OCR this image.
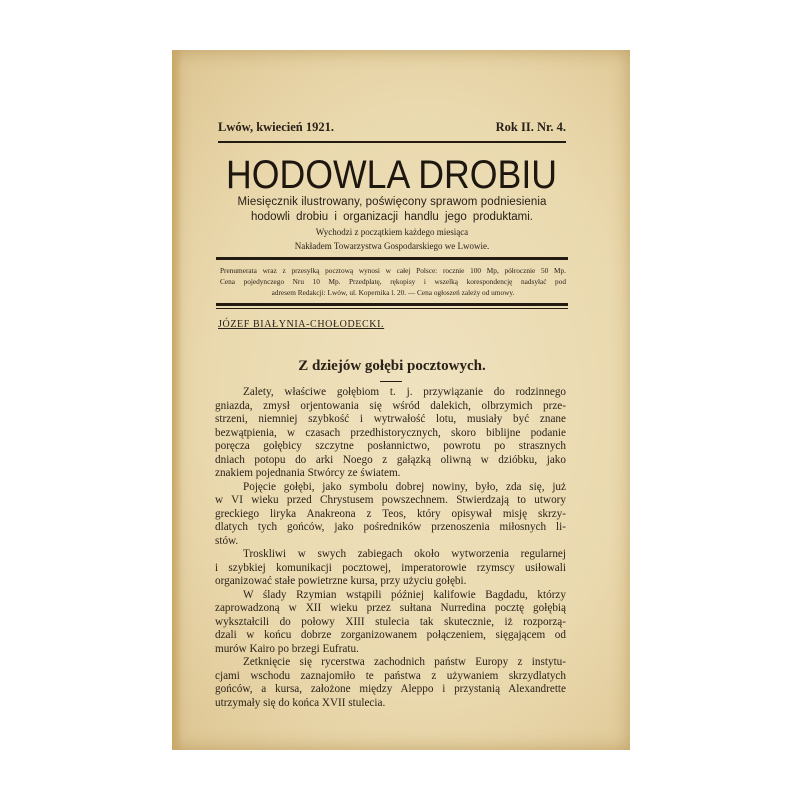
Lwów, kwiecień 1921.	Rok II. Nr. 4.
HODOWLA DROBIU
Miesięcznik ilustrowany, poświęcony sprawom podniesienia
hodowli drobiu i organizacji handlu jego produktami.
Wychodzi z początkiem każdego miesiąca
Nakładem Towarzystwa Gospodarskiego we Lwowie.
Prenumerata wraz z przesyłką pocztową wynosi w całej Polsce: rocznie 100 Mp, półrocznie 50 Mp.
Cena pojedynczego Nru 10 Mp. Przedpłatę, rękopisy i wszelką korespondencję nadsyłać pod
adresem Redakcji: Lwów, ul. Kopernika l. 20. — Cena ogłoszeń zależy od umowy.
JÓZEF BIAŁYNIA-CHOŁODECKI.
Z dziejów gołębi pocztowych.
Zalety, właściwe gołębiom t. j. przywiązanie do rodzinnego
gniazda, zmysł orjentowania się wśród dalekich, olbrzymich prze-
strzeni, niemniej szybkość i wytrwałość lotu, musiały być znane
bezwątpienia, w czasach przedhistorycznych, skoro biblijne podanie
poręcza gołębicy szczytne posłannictwo, powrotu po strasznych
dniach potopu do arki Noego z gałązką oliwną w dzióbku, jako
znakiem pojednania Stwórcy ze światem.
Pojęcie gołębi, jako symbolu dobrej nowiny, było, zda się, już
w VI wieku przed Chrystusem powszechnem. Stwierdzają to utwory
greckiego liryka Anakreona z Teos, który opisywał misję skrzy-
dlatych tych gońców, jako pośredników przenoszenia miłosnych li-
stów.
Troskliwi w swych zabiegach około wytworzenia regularnej
i szybkiej komunikacji pocztowej, imperatorowie rzymscy usiłowali
organizować stałe powietrzne kursa, przy użyciu gołębi.
W ślady Rzymian wstąpili później kalifowie Bagdadu, którzy
zaprowadzoną w XII wieku przez sułtana Nurredina pocztę gołębią
wykształcili do połowy XIII stulecia tak skutecznie, iż rozporzą-
dzali w końcu dobrze zorganizowanem połączeniem, sięgającem od
murów Kairo po brzegi Eufratu.
Zetknięcie się rycerstwa zachodnich państw Europy z instytu-
cjami wschodu zaznajomiło te państwa z używaniem skrzydlatych
gońców, a kursa, założone między Aleppo i przystanią Alexandrette
utrzymały się do końca XVII stulecia.
